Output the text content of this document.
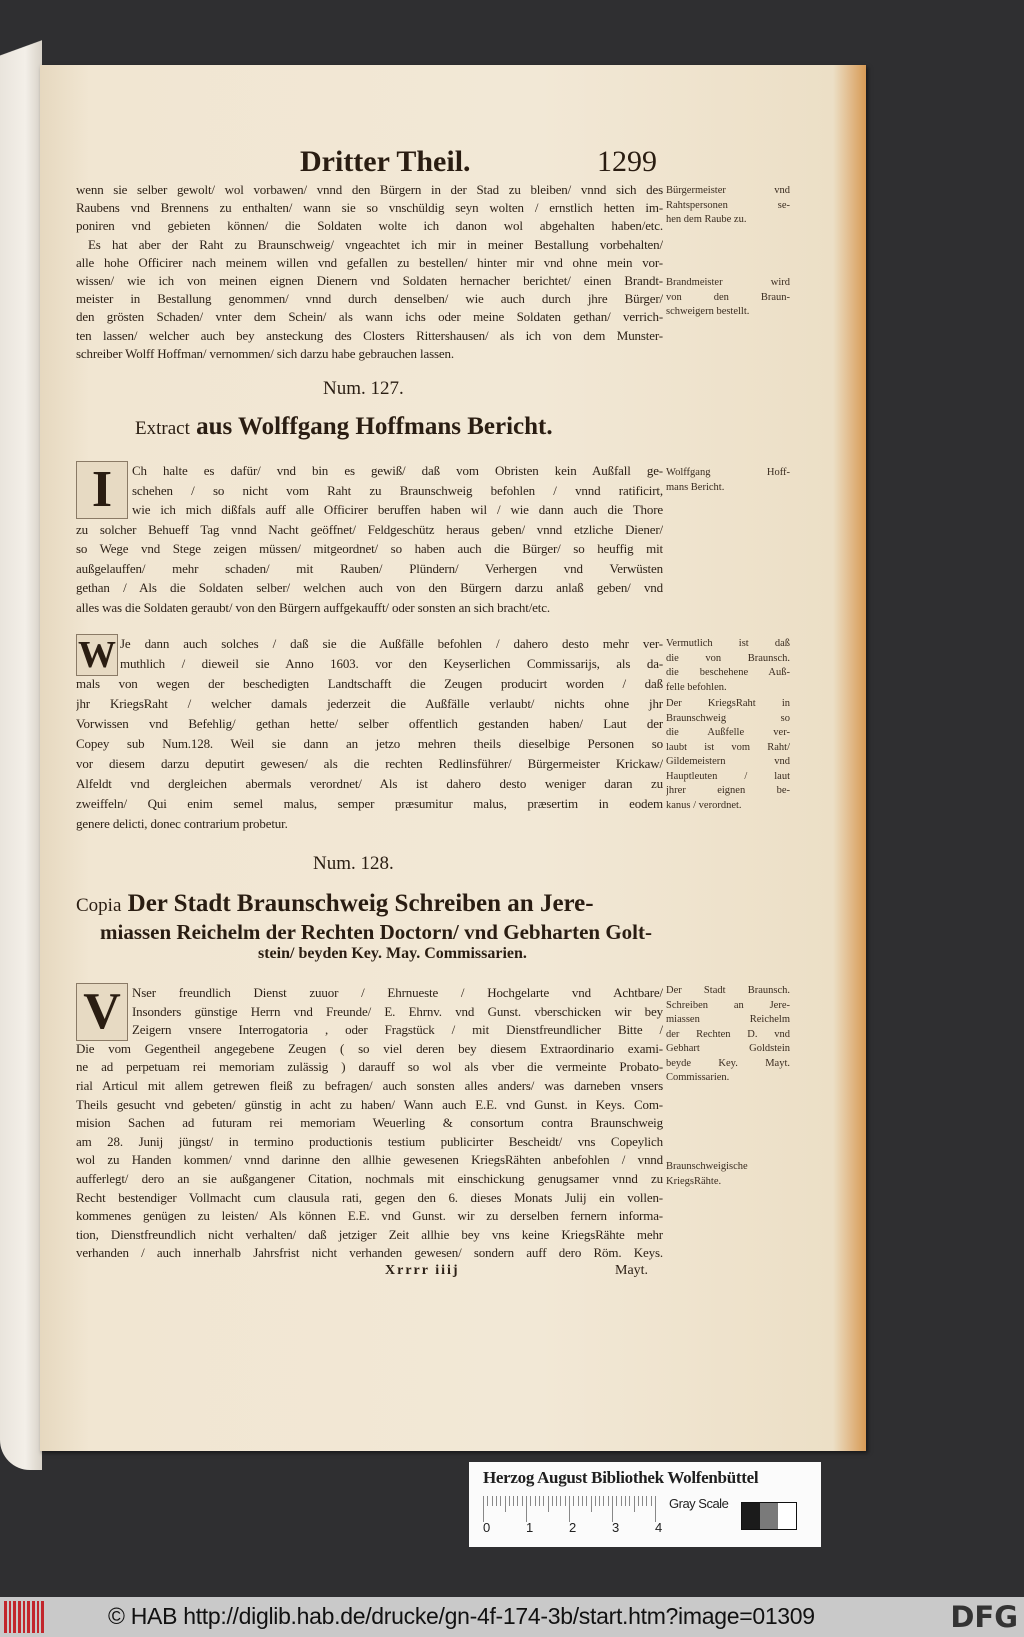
Dritter Theil.	1299
wenn sie selber gewolt/ wol vorbawen/ vnnd den Bürgern in der Stad zu bleiben/ vnnd sich des
Raubens vnd Brennens zu enthalten/ wann sie so vnschüldig seyn wolten / ernstlich hetten im-
poniren vnd gebieten können/ die Soldaten wolte ich danon wol abgehalten haben/etc.
Es hat aber der Raht zu Braunschweig/ vngeachtet ich mir in meiner Bestallung vorbehalten/
alle hohe Officirer nach meinem willen vnd gefallen zu bestellen/ hinter mir vnd ohne mein vor-
wissen/ wie ich von meinen eignen Dienern vnd Soldaten hernacher berichtet/ einen Brandt-
meister in Bestallung genommen/ vnnd durch denselben/ wie auch durch jhre Bürger/
den grösten Schaden/ vnter dem Schein/ als wann ichs oder meine Soldaten gethan/ verrich-
ten lassen/ welcher auch bey ansteckung des Closters Rittershausen/ als ich von dem Munster-
schreiber Wolff Hoffman/ vernommen/ sich darzu habe gebrauchen lassen.
Bürgermeister vnd
Rahtspersonen se-
hen dem Raube zu.
Brandmeister wird
von den Braun-
schweigern bestellt.
Num. 127.
Extract aus Wolffgang Hoffmans Bericht.
I	Ch halte es dafür/ vnd bin es gewiß/ daß vom Obristen kein Außfall ge-
schehen / so nicht vom Raht zu Braunschweig befohlen / vnnd ratificirt,
wie ich mich dißfals auff alle Officirer beruffen haben wil / wie dann auch die Thore
zu solcher Behueff Tag vnnd Nacht geöffnet/ Feldgeschütz heraus geben/ vnnd etzliche Diener/
so Wege vnd Stege zeigen müssen/ mitgeordnet/ so haben auch die Bürger/ so heuffig mit
außgelauffen/ mehr schaden/ mit Rauben/ Plündern/ Verhergen vnd Verwüsten
gethan / Als die Soldaten selber/ welchen auch von den Bürgern darzu anlaß geben/ vnd
alles was die Soldaten geraubt/ von den Bürgern auffgekaufft/ oder sonsten an sich bracht/etc.
Wolffgang Hoff-
mans Bericht.
W Je dann auch solches / daß sie die Außfälle befohlen / dahero desto mehr ver-
muthlich / dieweil sie Anno 1603. vor den Keyserlichen Commissarijs, als da-
mals von wegen der beschedigten Landtschafft die Zeugen producirt worden / daß
jhr KriegsRaht / welcher damals jederzeit die Außfälle verlaubt/ nichts ohne jhr
Vorwissen vnd Befehlig/ gethan hette/ selber offentlich gestanden haben/ Laut der
Copey sub Num.128. Weil sie dann an jetzo mehren theils dieselbige Personen so
vor diesem darzu deputirt gewesen/ als die rechten Redlinsführer/ Bürgermeister Krickaw/
Alfeldt vnd dergleichen abermals verordnet/ Als ist dahero desto weniger daran zu
zweiffeln/ Qui enim semel malus, semper præsumitur malus, præsertim in eodem
genere delicti, donec contrarium probetur.
Vermutlich ist daß
die von Braunsch.
die beschehene Auß-
felle befohlen.
Der KriegsRaht in
Braunschweig so
die Außfelle ver-
laubt ist vom Raht/
Gildemeistern vnd
Hauptleuten / laut
jhrer eignen be-
kanus / verordnet.
Num. 128.
Copia Der Stadt Braunschweig Schreiben an Jere-
miassen Reichelm der Rechten Doctorn/ vnd Gebharten Golt-
stein/ beyden Key. May. Commissarien.
V Nser freundlich Dienst zuuor / Ehrnueste / Hochgelarte vnd Achtbare/
Insonders günstige Herrn vnd Freunde/ E. Ehrnv. vnd Gunst. vberschicken wir bey
Zeigern vnsere Interrogatoria , oder Fragstück / mit Dienstfreundlicher Bitte /
Die vom Gegentheil angegebene Zeugen ( so viel deren bey diesem Extraordinario exami-
ne ad perpetuam rei memoriam zulässig ) darauff so wol als vber die vermeinte Probato-
rial Articul mit allem getrewen fleiß zu befragen/ auch sonsten alles anders/ was darneben vnsers
Theils gesucht vnd gebeten/ günstig in acht zu haben/ Wann auch E.E. vnd Gunst. in Keys. Com-
mision Sachen ad futuram rei memoriam Weuerling & consortum contra Braunschweig
am 28. Junij jüngst/ in termino productionis testium publicirter Bescheidt/ vns Copeylich
wol zu Handen kommen/ vnnd darinne den allhie gewesenen KriegsRähten anbefohlen / vnnd
aufferlegt/ dero an sie außgangener Citation, nochmals mit einschickung genugsamer vnnd zu
Recht bestendiger Vollmacht cum clausula rati, gegen den 6. dieses Monats Julij ein vollen-
kommenes genügen zu leisten/ Als können E.E. vnd Gunst. wir zu derselben fernern informa-
tion, Dienstfreundlich nicht verhalten/ daß jetziger Zeit allhie bey vns keine KriegsRähte mehr
verhanden / auch innerhalb Jahrsfrist nicht verhanden gewesen/ sondern auff dero Röm. Keys.
Der Stadt Braunsch.
Schreiben an Jere-
miassen Reichelm
der Rechten D. vnd
Gebhart Goldstein
beyde Key. Mayt.
Commissarien.
Braunschweigische
KriegsRähte.
Xrrrr iiij	Mayt.
Herzog August Bibliothek Wolfenbüttel
0	1	2	3	4
Gray Scale
© HAB http://diglib.hab.de/drucke/gn-4f-174-3b/start.htm?image=01309	DFG
